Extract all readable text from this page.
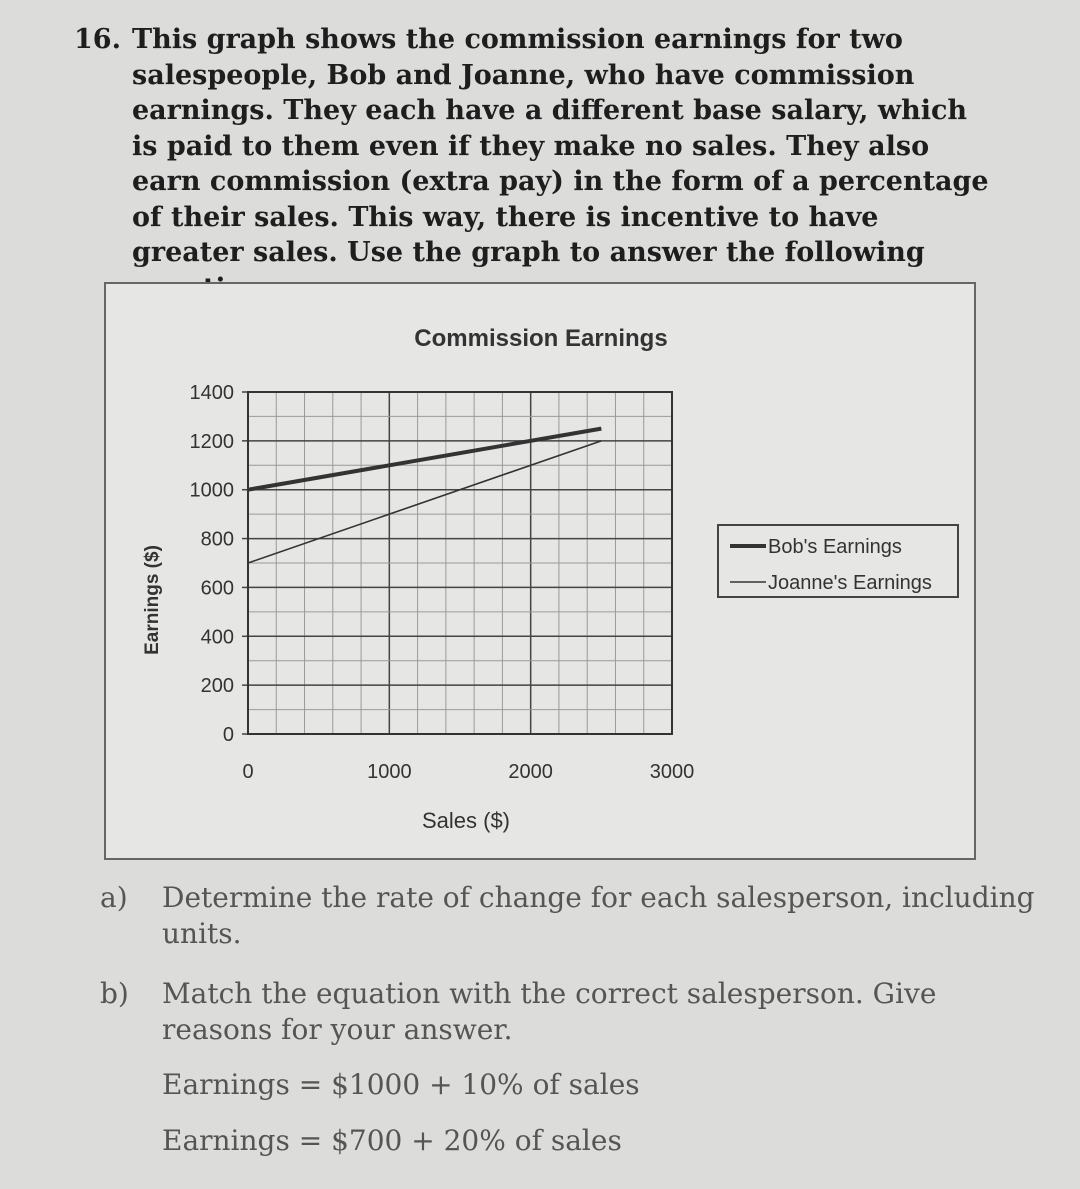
16. This graph shows the commission earnings for two salespeople, Bob and Joanne, who have commission earnings. They each have a different base salary, which is paid to them even if they make no sales. They also earn commission (extra pay) in the form of a percentage of their sales. This way, there is incentive to have greater sales. Use the graph to answer the following
Commission Earnings
Sales ($)
Earnings ($)
0
200
400
600
800
1000
1200
1400
0	1000	2000	3000
Bob's Earnings
Joanne's Earnings
a) Determine the rate of change for each salesperson, including units.
b) Match the equation with the correct salesperson. Give reasons for your answer.
Earnings = $1000 + 10% of sales
Earnings = $700 + 20% of sales
